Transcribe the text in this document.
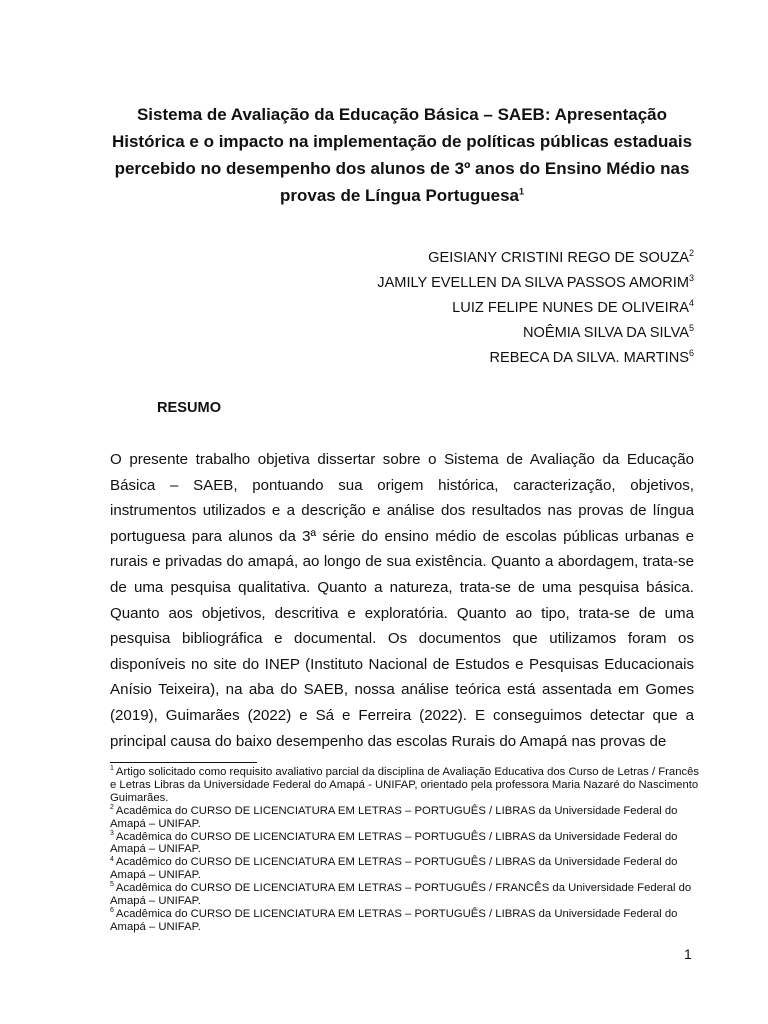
Sistema de Avaliação da Educação Básica – SAEB: Apresentação Histórica e o impacto na implementação de políticas públicas estaduais percebido no desempenho dos alunos de 3º anos do Ensino Médio nas provas de Língua Portuguesa$^1$
GEISIANY CRISTINI REGO DE SOUZA$^2$
JAMILY EVELLEN DA SILVA PASSOS AMORIM$^3$
LUIZ FELIPE NUNES DE OLIVEIRA$^4$
NOÊMIA SILVA DA SILVA$^5$
REBECA DA SILVA. MARTINS$^6$
RESUMO

O presente trabalho objetiva dissertar sobre o Sistema de Avaliação da Educação Básica – SAEB, pontuando sua origem histórica, caracterização, objetivos, instrumentos utilizados e a descrição e análise dos resultados nas provas de língua portuguesa para alunos da 3ª série do ensino médio de escolas públicas urbanas e rurais e privadas do amapá, ao longo de sua existência. Quanto a abordagem, trata-se de uma pesquisa qualitativa. Quanto a natureza, trata-se de uma pesquisa básica. Quanto aos objetivos, descritiva e exploratória. Quanto ao tipo, trata-se de uma pesquisa bibliográfica e documental. Os documentos que utilizamos foram os disponíveis no site do INEP (Instituto Nacional de Estudos e Pesquisas Educacionais Anísio Teixeira), na aba do SAEB, nossa análise teórica está assentada em Gomes (2019), Guimarães (2022) e Sá e Ferreira (2022). E conseguimos detectar que a principal causa do baixo desempenho das escolas Rurais do Amapá nas provas de

$^1$ Artigo solicitado como requisito avaliativo parcial da disciplina de Avaliação Educativa dos Curso de Letras / Francês e Letras Libras da Universidade Federal do Amapá - UNIFAP, orientado pela professora Maria Nazaré do Nascimento Guimarães.

$^2$ Acadêmica do CURSO DE LICENCIATURA EM LETRAS – PORTUGUÊS / LIBRAS da Universidade Federal do Amapá – UNIFAP.

$^3$ Acadêmica do CURSO DE LICENCIATURA EM LETRAS – PORTUGUÊS / LIBRAS da Universidade Federal do Amapá – UNIFAP.

$^4$ Acadêmico do CURSO DE LICENCIATURA EM LETRAS – PORTUGUÊS / LIBRAS da Universidade Federal do Amapá – UNIFAP.

$^5$ Acadêmica do CURSO DE LICENCIATURA EM LETRAS – PORTUGUÊS / FRANCÊS da Universidade Federal do Amapá – UNIFAP.

$^6$ Acadêmica do CURSO DE LICENCIATURA EM LETRAS – PORTUGUÊS / LIBRAS da Universidade Federal do Amapá – UNIFAP.

1
